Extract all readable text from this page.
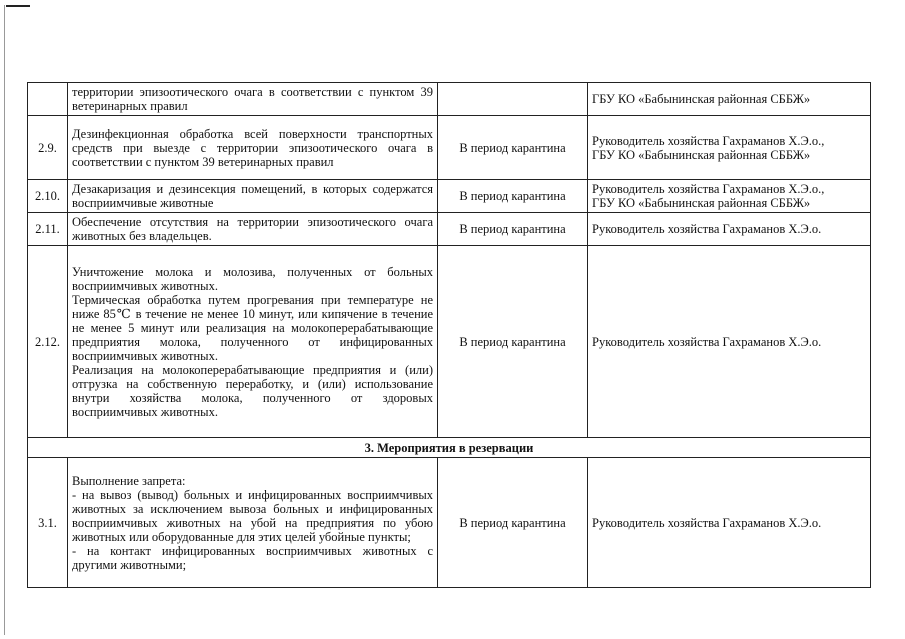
	территории эпизоотического очага в соответствии с пунктом 39 ветеринарных правил		ГБУ КО «Бабынинская районная СББЖ»

2.9.	Дезинфекционная обработка всей поверхности транспортных средств при выезде с территории эпизоотического очага в соответствии с пунктом 39 ветеринарных правил	В период карантина	Руководитель хозяйства Гахраманов Х.Э.о.,
ГБУ КО «Бабынинская районная СББЖ»

2.10.	Дезакаризация и дезинсекция помещений, в которых содержатся восприимчивые животные	В период карантина	Руководитель хозяйства Гахраманов Х.Э.о.,
ГБУ КО «Бабынинская районная СББЖ»

2.11.	Обеспечение отсутствия на территории эпизоотического очага животных без владельцев.	В период карантина	Руководитель хозяйства Гахраманов Х.Э.о.

2.12.	Уничтожение молока и молозива, полученных от больных восприимчивых животных.
Термическая обработка путем прогревания при температуре не ниже 85℃ в течение не менее 10 минут, или кипячение в течение не менее 5 минут или реализация на молокоперерабатывающие предприятия молока, полученного от инфицированных восприимчивых животных.
Реализация на молокоперерабатывающие предприятия и (или) отгрузка на собственную переработку, и (или) использование внутри хозяйства молока, полученного от здоровых восприимчивых животных.	В период карантина	Руководитель хозяйства Гахраманов Х.Э.о.

3. Мероприятия в резервации			
3.1.	Выполнение запрета:
- на вывоз (вывод) больных и инфицированных восприимчивых животных за исключением вывоза больных и инфицированных восприимчивых животных на убой на предприятия по убою животных или оборудованные для этих целей убойные пункты;
- на контакт инфицированных восприимчивых животных с другими животными;	В период карантина	Руководитель хозяйства Гахраманов Х.Э.о.
